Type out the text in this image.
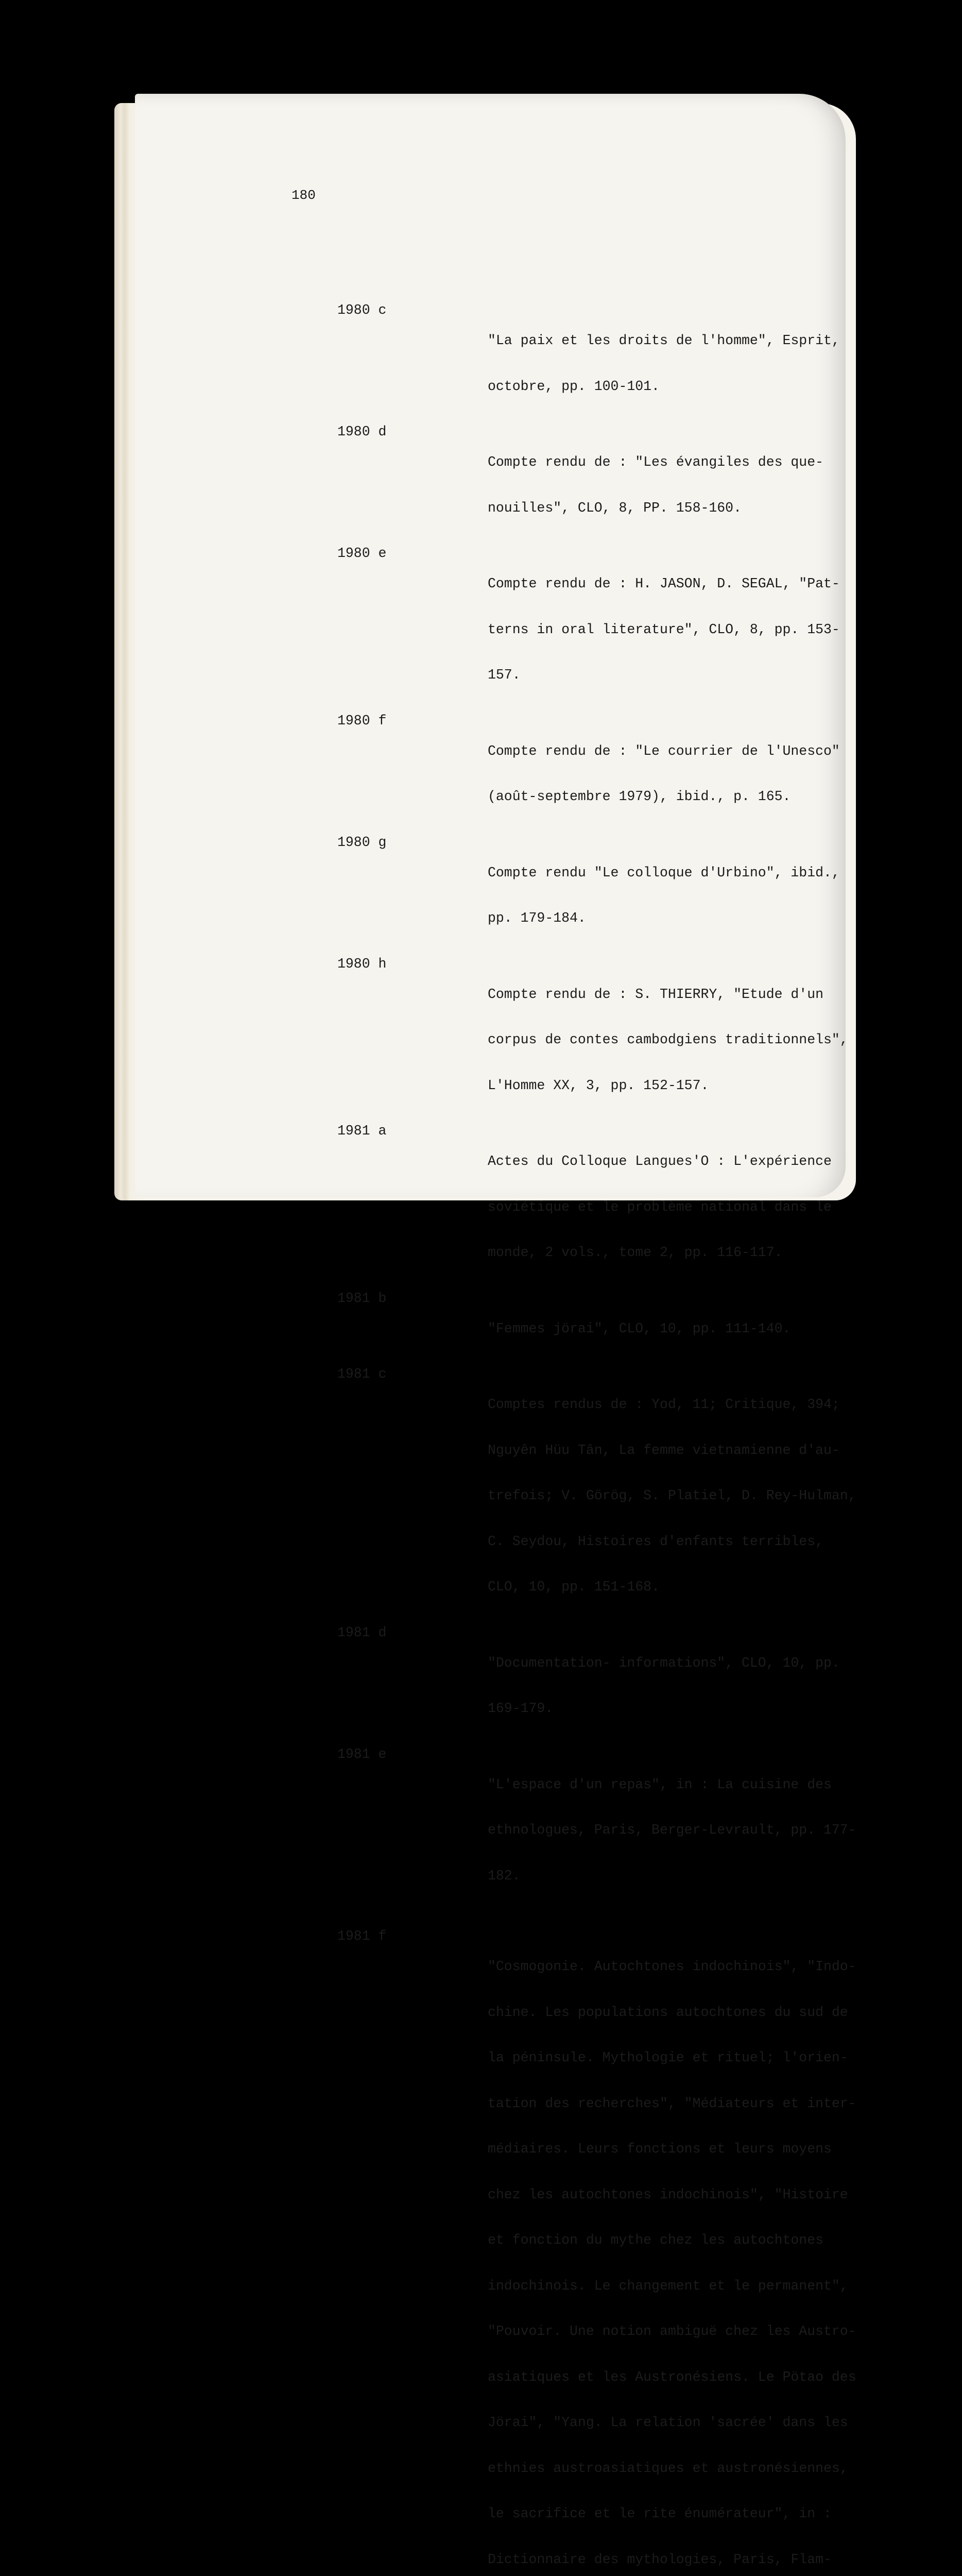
180
1980 c

"La paix et les droits de l'homme", Esprit,

octobre, pp. 100-101.

1980 d

Compte rendu de : "Les évangiles des que-

nouilles", CLO, 8, PP. 158-160.

1980 e

Compte rendu de : H. JASON, D. SEGAL, "Pat-

terns in oral literature", CLO, 8, pp. 153-

157.

1980 f

Compte rendu de : "Le courrier de l'Unesco"

(août-septembre 1979), ibid., p. 165.

1980 g

Compte rendu "Le colloque d'Urbino", ibid.,

pp. 179-184.

1980 h

Compte rendu de : S. THIERRY, "Etude d'un

corpus de contes cambodgiens traditionnels",

L'Homme XX, 3, pp. 152-157.

1981 a

Actes du Colloque Langues'O : L'expérience

soviétique et le problème national dans le

monde, 2 vols., tome 2, pp. 116-117.

1981 b

"Femmes jörai", CLO, 10, pp. 111-140.

1981 c

Comptes rendus de : Yod, 11; Critique, 394;

Nguyên Hüu Tân, La femme vietnamienne d'au-

trefois; V. Görög, S. Platiel, D. Rey-Hulman,

C. Seydou, Histoires d'enfants terribles,

CLO, 10, pp. 151-168.

1981 d

"Documentation- informations", CLO, 10, pp.

169-179.

1981 e

"L'espace d'un repas", in : La cuisine des

ethnologues, Paris, Berger-Levrault, pp. 177-

182.

1981 f

"Cosmogonie. Autochtones indochinois", "Indo-

chine. Les populations autochtones du sud de

la péninsule. Mythologie et rituel; l'orien-

tation des recherches", "Médiateurs et inter-

médiaires. Leurs fonctions et leurs moyens

chez les autochtones indochinois", "Histoire

et fonction du mythe chez les autochtones

indochinois. Le changement et le permanent",

"Pouvoir. Une notion ambiguë chez les Austro-

asiatiques et les Austronésiens. Le Pötao des

Jörai", "Yang. La relation 'sacrée' dans les

ethnies austroasiatiques et austronésiennes,

le sacrifice et le rite énumérateur", in :

Dictionnaire des mythologies, Paris, Flam-
